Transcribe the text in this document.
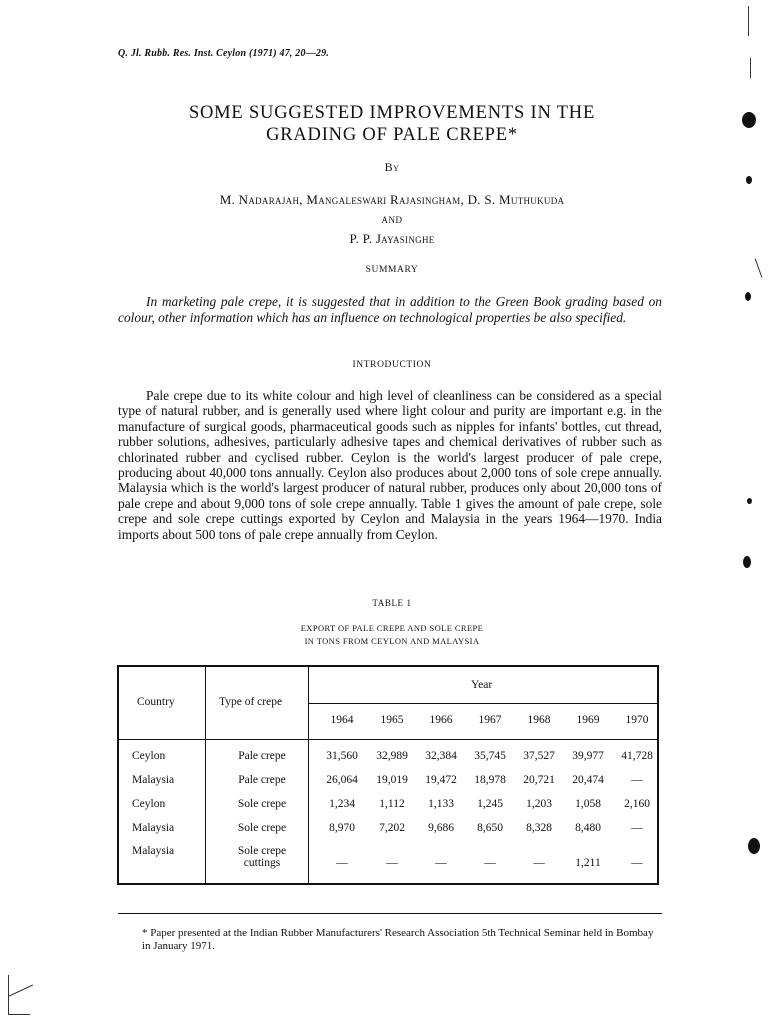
Q. Jl. Rubb. Res. Inst. Ceylon (1971) 47, 20—29.
SOME SUGGESTED IMPROVEMENTS IN THE
GRADING OF PALE CREPE*
By
M. Nadarajah, Mangaleswari Rajasingham, D. S. Muthukuda
AND
P. P. Jayasinghe
SUMMARY
In marketing pale crepe, it is suggested that in addition to the Green Book grading based on colour, other information which has an influence on technological properties be also specified.
INTRODUCTION
Pale crepe due to its white colour and high level of cleanliness can be considered as a special type of natural rubber, and is generally used where light colour and purity are important e.g. in the manufacture of surgical goods, pharmaceutical goods such as nipples for infants' bottles, cut thread, rubber solutions, adhesives, particularly adhesive tapes and chemical derivatives of rubber such as chlorinated rubber and cyclised rubber. Ceylon is the world's largest producer of pale crepe, producing about 40,000 tons annually. Ceylon also produces about 2,000 tons of sole crepe annually. Malaysia which is the world's largest producer of natural rubber, produces only about 20,000 tons of pale crepe and about 9,000 tons of sole crepe annually. Table 1 gives the amount of pale crepe, sole crepe and sole crepe cuttings exported by Ceylon and Malaysia in the years 1964—1970. India imports about 500 tons of pale crepe annually from Ceylon.
TABLE 1
EXPORT OF PALE CREPE AND SOLE CREPE
IN TONS FROM CEYLON AND MALAYSIA
Country	Type of crepe
Year
1964	1965	1966	1967	1968	1969	1970
Ceylon	Pale crepe	31,560	32,989	32,384	35,745	37,527	39,977	41,728
Malaysia	Pale crepe	26,064	19,019	19,472	18,978	20,721	20,474	—
Ceylon	Sole crepe	1,234	1,112	1,133	1,245	1,203	1,058	2,160
Malaysia	Sole crepe	8,970	7,202	9,686	8,650	8,328	8,480	—
Malaysia	Sole crepe cuttings	—	—	—	—	—	1,211	—
* Paper presented at the Indian Rubber Manufacturers' Research Association 5th Technical Seminar held in Bombay in January 1971.
